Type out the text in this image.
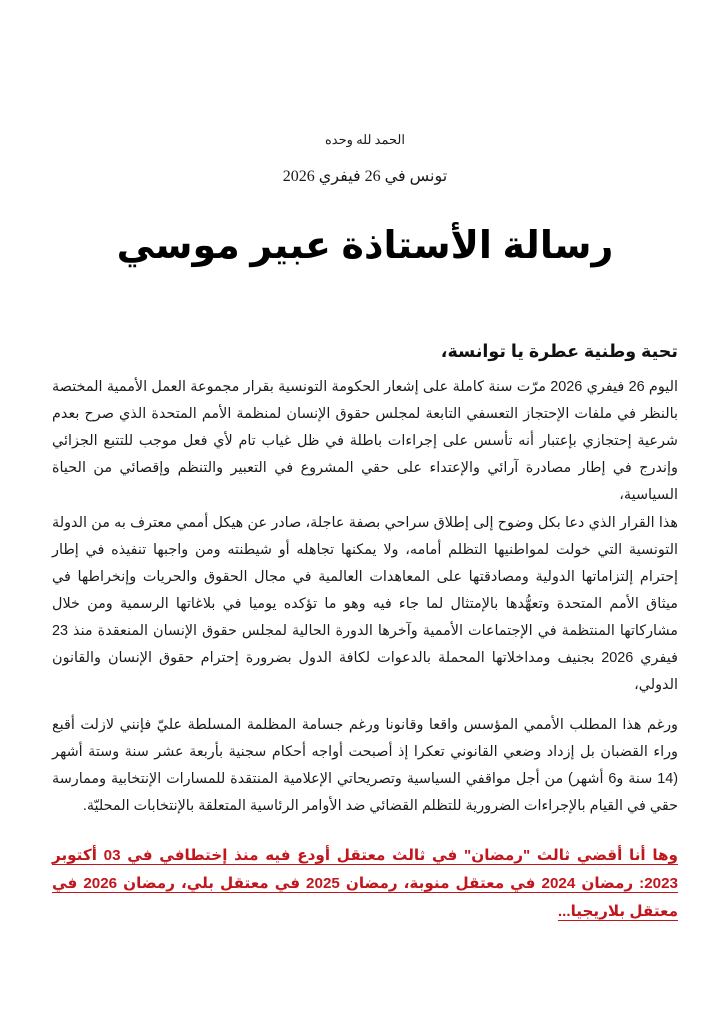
الحمد لله وحده
تونس في 26 فيفري 2026
رسالة الأستاذة عبير موسي
تحية وطنية عطرة يا توانسة،

اليوم 26 فيفري 2026 مرّت سنة كاملة على إشعار الحكومة التونسية بقرار مجموعة العمل الأممية المختصة بالنظر في ملفات الإحتجاز التعسفي التابعة لمجلس حقوق الإنسان لمنظمة الأمم المتحدة الذي صرح بعدم شرعية إحتجازي بإعتبار أنه تأسس على إجراءات باطلة في ظل غياب تام لأي فعل موجب للتتبع الجزائي وإندرج في إطار مصادرة آرائي والإعتداء على حقي المشروع في التعبير والتنظم وإقصائي من الحياة السياسية،

هذا القرار الذي دعا بكل وضوح إلى إطلاق سراحي بصفة عاجلة، صادر عن هيكل أممي معترف به من الدولة التونسية التي خولت لمواطنيها التظلم أمامه، ولا يمكنها تجاهله أو شيطنته ومن واجبها تنفيذه في إطار إحترام إلتزاماتها الدولية ومصادقتها على المعاهدات العالمية في مجال الحقوق والحريات وإنخراطها في ميثاق الأمم المتحدة وتعهُّدها بالإمتثال لما جاء فيه وهو ما تؤكده يوميا في بلاغاتها الرسمية ومن خلال مشاركاتها المنتظمة في الإجتماعات الأممية وآخرها الدورة الحالية لمجلس حقوق الإنسان المنعقدة منذ 23 فيفري 2026 بجنيف ومداخلاتها المحملة بالدعوات لكافة الدول بضرورة إحترام حقوق الإنسان والقانون الدولي،

ورغم هذا المطلب الأممي المؤسس واقعا وقانونا ورغم جسامة المظلمة المسلطة عليّ فإنني لازلت أقبع وراء القضبان بل إزداد وضعي القانوني تعكرا إذ أصبحت أواجه أحكام سجنية بأربعة عشر سنة وستة أشهر (14 سنة و6 أشهر) من أجل مواقفي السياسية وتصريحاتي الإعلامية المنتقدة للمسارات الإنتخابية وممارسة حقي في القيام بالإجراءات الضرورية للتظلم القضائي ضد الأوامر الرئاسية المتعلقة بالإنتخابات المحليّة.

وها أنا أقضي ثالث "رمضان" في ثالث معتقل أودع فيه منذ إختطافي في 03 أكتوبر 2023: رمضان 2024 في معتقل منوبة، رمضان 2025 في معتقل بلي، رمضان 2026 في معتقل بلاريجيا...
